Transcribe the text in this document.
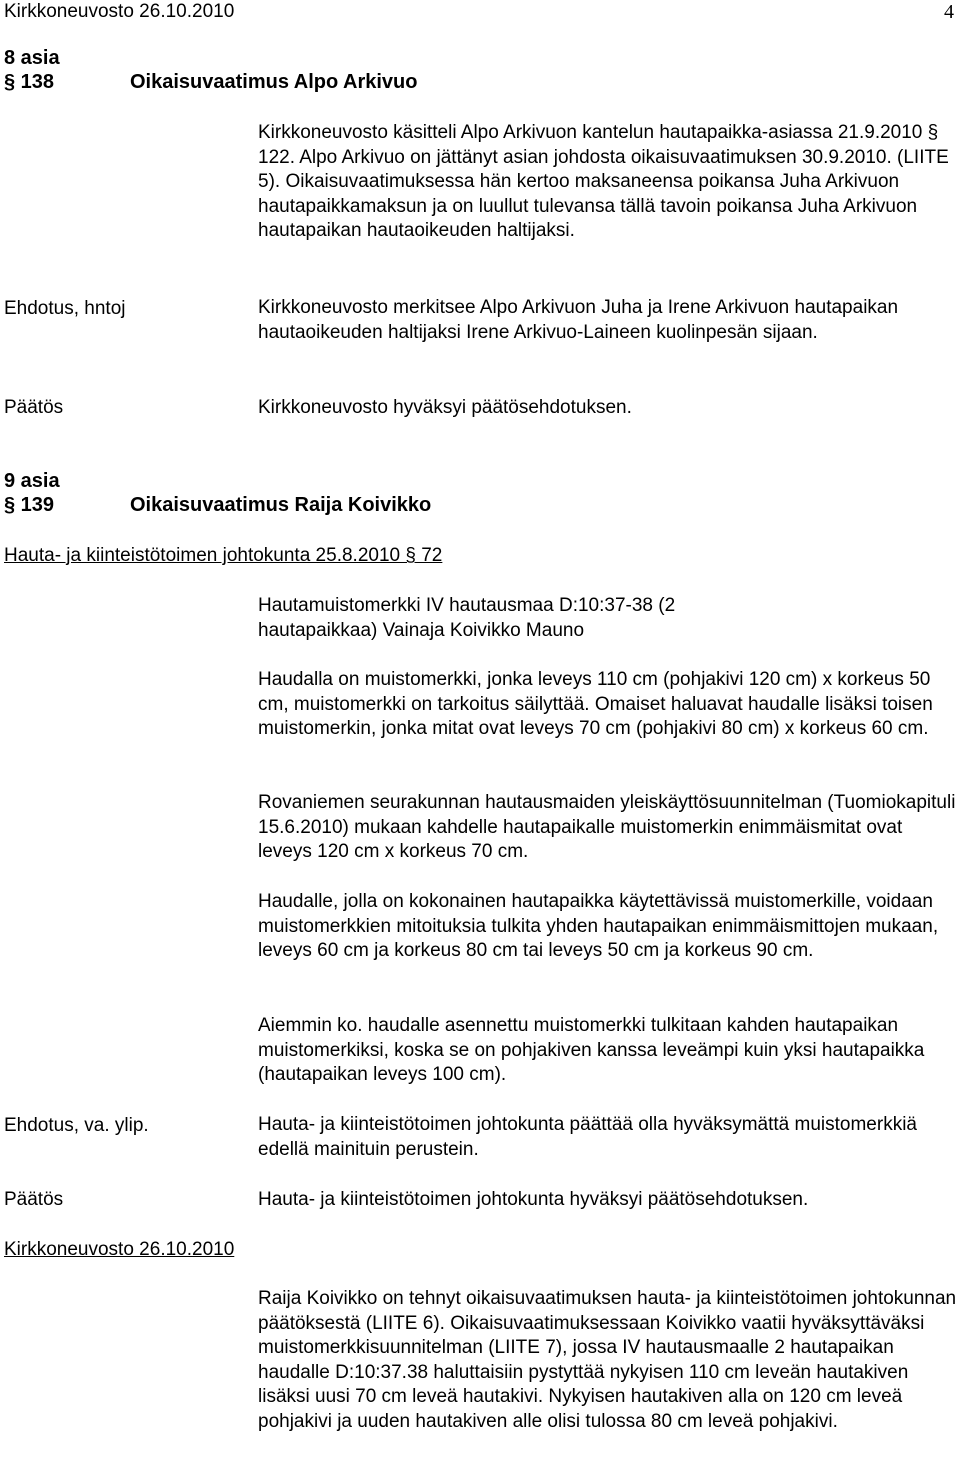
Kirkkoneuvosto 26.10.2010	4
8 asia
§ 138	Oikaisuvaatimus Alpo Arkivuo
Kirkkoneuvosto käsitteli Alpo Arkivuon kantelun hautapaikka-asiassa 21.9.2010 § 122. Alpo Arkivuo on jättänyt asian johdosta oikaisuvaatimuksen 30.9.2010. (LIITE 5). Oikaisuvaatimuksessa hän kertoo maksaneensa poikansa Juha Arkivuon hautapaikkamaksun ja on luullut tulevansa tällä tavoin poikansa Juha Arkivuon hautapaikan hautaoikeuden haltijaksi.
Ehdotus, hntoj	Kirkkoneuvosto merkitsee Alpo Arkivuon Juha ja Irene Arkivuon hautapaikan hautaoikeuden haltijaksi Irene Arkivuo-Laineen kuolinpesän sijaan.
Päätös	Kirkkoneuvosto hyväksyi päätösehdotuksen.
9 asia
§ 139	Oikaisuvaatimus Raija Koivikko
Hauta- ja kiinteistötoimen johtokunta 25.8.2010 § 72
Hautamuistomerkki IV hautausmaa D:10:37-38 (2 hautapaikkaa) Vainaja Koivikko Mauno
Haudalla on muistomerkki, jonka leveys 110 cm (pohjakivi 120 cm) x korkeus 50 cm, muistomerkki on tarkoitus säilyttää. Omaiset haluavat haudalle lisäksi toisen muistomerkin, jonka mitat ovat leveys 70 cm (pohjakivi 80 cm) x korkeus 60 cm.
Rovaniemen seurakunnan hautausmaiden yleiskäyttösuunnitelman (Tuomiokapituli 15.6.2010) mukaan kahdelle hautapaikalle muistomerkin enimmäismitat ovat leveys 120 cm x korkeus 70 cm.
Haudalle, jolla on kokonainen hautapaikka käytettävissä muistomerkille, voidaan muistomerkkien mitoituksia tulkita yhden hautapaikan enimmäismittojen mukaan, leveys 60 cm ja korkeus 80 cm tai leveys 50 cm ja korkeus 90 cm.
Aiemmin ko. haudalle asennettu muistomerkki tulkitaan kahden hautapaikan muistomerkiksi, koska se on pohjakiven kanssa leveämpi kuin yksi hautapaikka (hautapaikan leveys 100 cm).
Ehdotus, va. ylip.	Hauta- ja kiinteistötoimen johtokunta päättää olla hyväksymättä muistomerkkiä edellä mainituin perustein.
Päätös	Hauta- ja kiinteistötoimen johtokunta hyväksyi päätösehdotuksen.
Kirkkoneuvosto 26.10.2010
Raija Koivikko on tehnyt oikaisuvaatimuksen hauta- ja kiinteistötoimen johtokunnan päätöksestä (LIITE 6). Oikaisuvaatimuksessaan Koivikko vaatii hyväksyttäväksi muistomerkkisuunnitelman (LIITE 7), jossa IV hautausmaalle 2 hautapaikan haudalle D:10:37.38 haluttaisiin pystyttää nykyisen 110 cm leveän hautakiven lisäksi uusi 70 cm leveä hautakivi. Nykyisen hautakiven alla on 120 cm leveä pohjakivi ja uuden hautakiven alle olisi tulossa 80 cm leveä pohjakivi.
